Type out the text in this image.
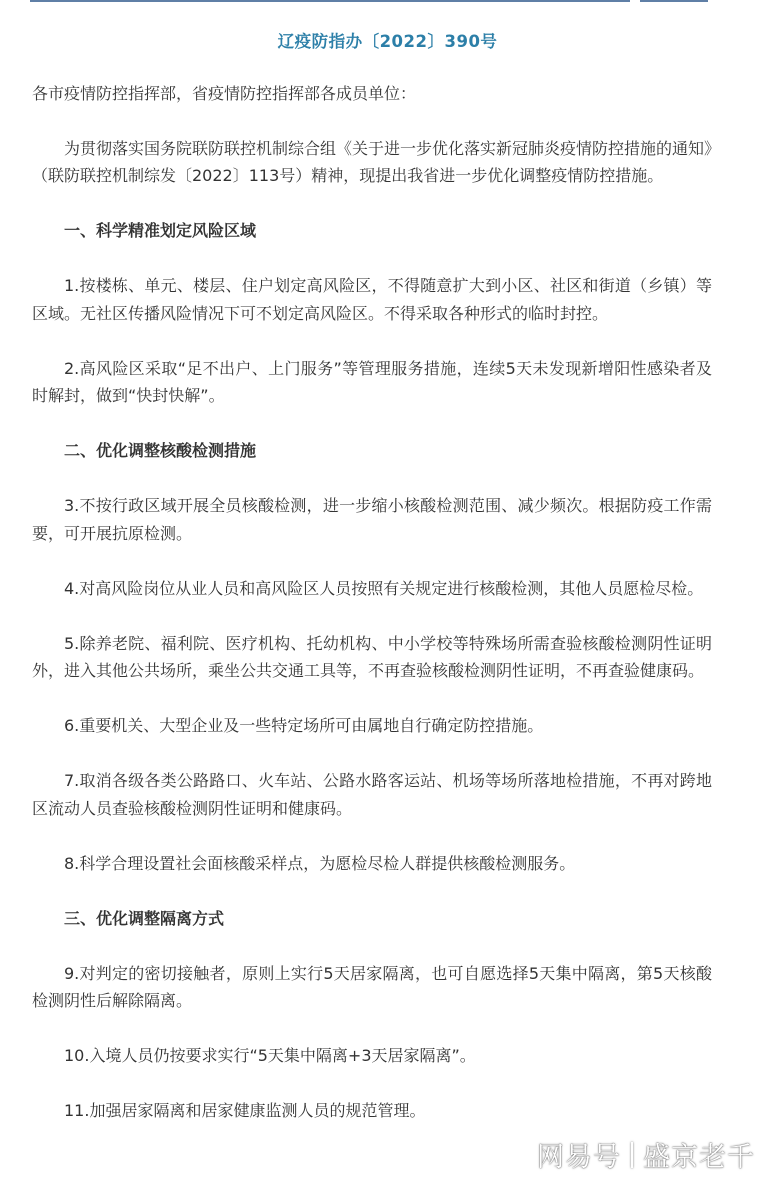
辽疫防指办〔2022〕390号

各市疫情防控指挥部，省疫情防控指挥部各成员单位：

为贯彻落实国务院联防联控机制综合组《关于进一步优化落实新冠肺炎疫情防控措施的通知》（联防联控机制综发〔2022〕113号）精神，现提出我省进一步优化调整疫情防控措施。

一、科学精准划定风险区域

1.按楼栋、单元、楼层、住户划定高风险区，不得随意扩大到小区、社区和街道（乡镇）等区域。无社区传播风险情况下可不划定高风险区。不得采取各种形式的临时封控。

2.高风险区采取“足不出户、上门服务”等管理服务措施，连续5天未发现新增阳性感染者及时解封，做到“快封快解”。

二、优化调整核酸检测措施

3.不按行政区域开展全员核酸检测，进一步缩小核酸检测范围、减少频次。根据防疫工作需要，可开展抗原检测。

4.对高风险岗位从业人员和高风险区人员按照有关规定进行核酸检测，其他人员愿检尽检。

5.除养老院、福利院、医疗机构、托幼机构、中小学校等特殊场所需查验核酸检测阴性证明外，进入其他公共场所，乘坐公共交通工具等，不再查验核酸检测阴性证明，不再查验健康码。

6.重要机关、大型企业及一些特定场所可由属地自行确定防控措施。

7.取消各级各类公路路口、火车站、公路水路客运站、机场等场所落地检措施，不再对跨地区流动人员查验核酸检测阴性证明和健康码。

8.科学合理设置社会面核酸采样点，为愿检尽检人群提供核酸检测服务。

三、优化调整隔离方式

9.对判定的密切接触者，原则上实行5天居家隔离，也可自愿选择5天集中隔离，第5天核酸检测阴性后解除隔离。

10.入境人员仍按要求实行“5天集中隔离+3天居家隔离”。

11.加强居家隔离和居家健康监测人员的规范管理。

网易号 盛京老千
